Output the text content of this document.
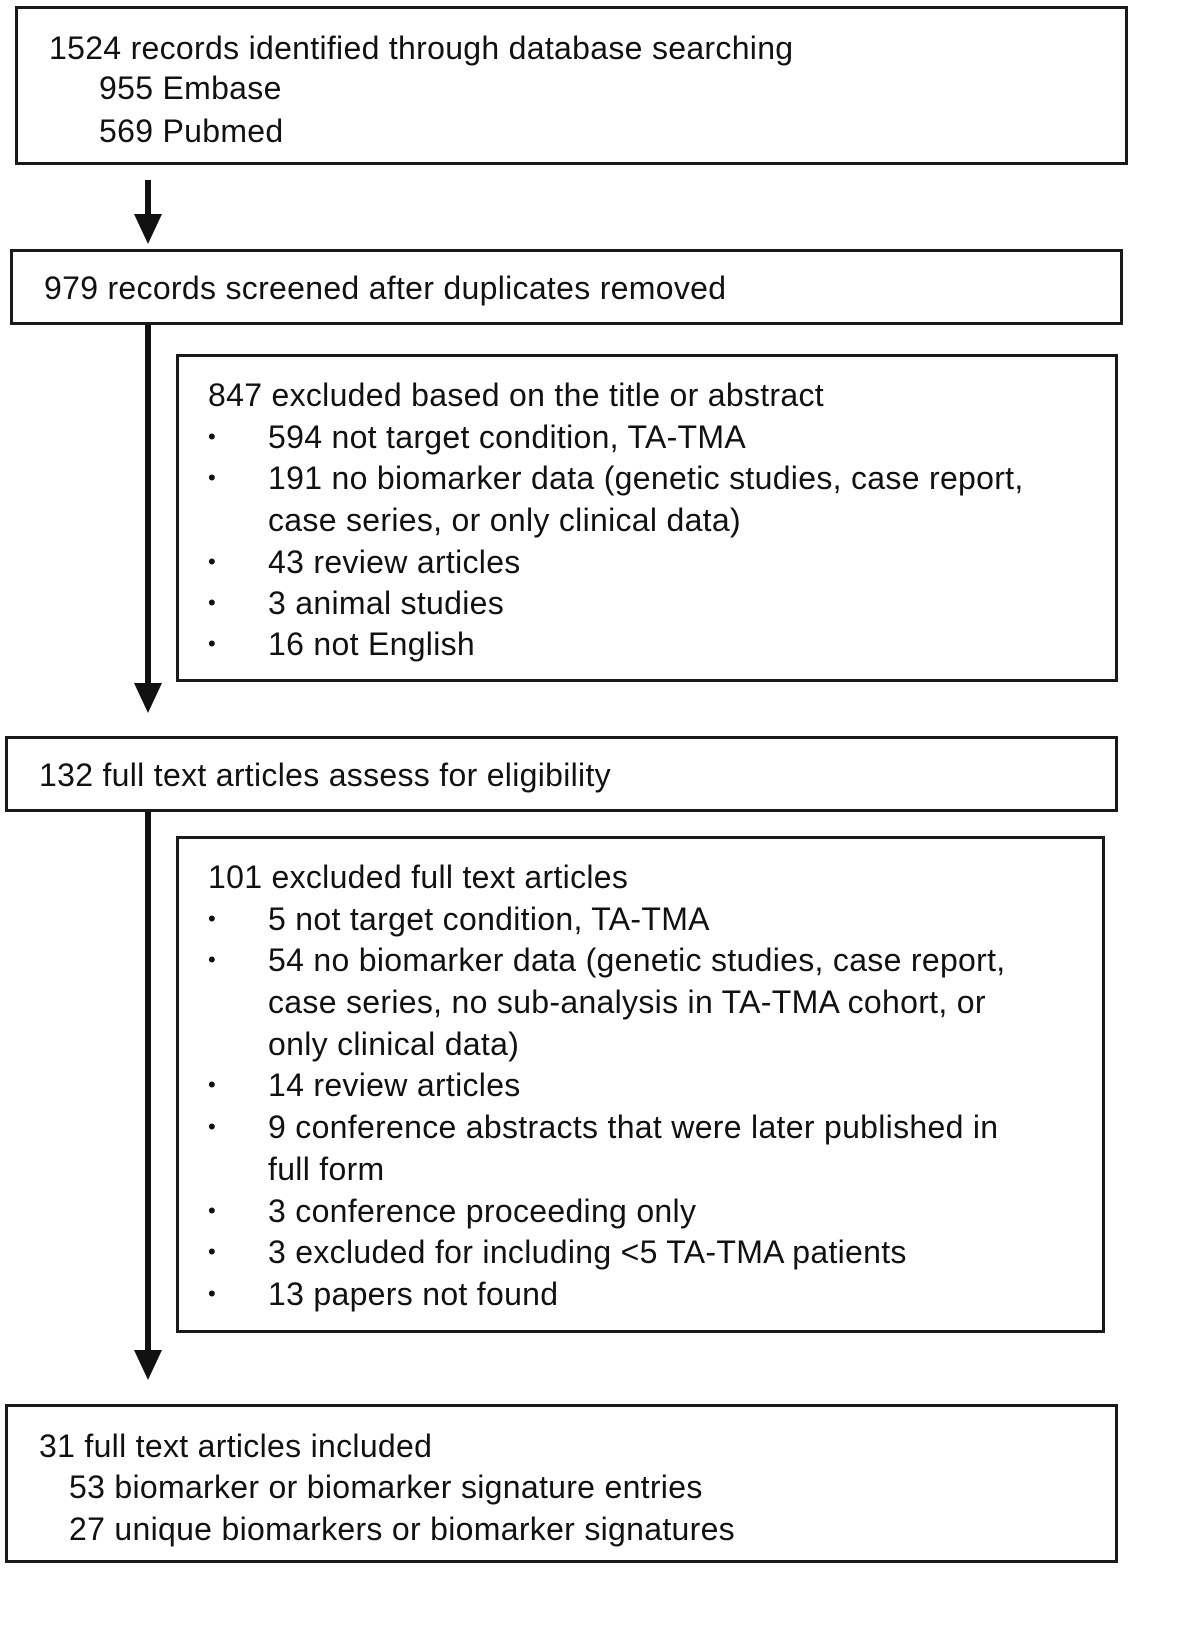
1524 records identified through database searching
955 Embase
569 Pubmed
979 records screened after duplicates removed
847 excluded based on the title or abstract
• 594 not target condition, TA-TMA
• 191 no biomarker data (genetic studies, case report,
case series, or only clinical data)
• 43 review articles
• 3 animal studies
• 16 not English
132 full text articles assess for eligibility
101 excluded full text articles
• 5 not target condition, TA-TMA
• 54 no biomarker data (genetic studies, case report,
case series, no sub-analysis in TA-TMA cohort, or
only clinical data)
• 14 review articles
• 9 conference abstracts that were later published in
full form
• 3 conference proceeding only
• 3 excluded for including <5 TA-TMA patients
• 13 papers not found
31 full text articles included
53 biomarker or biomarker signature entries
27 unique biomarkers or biomarker signatures
